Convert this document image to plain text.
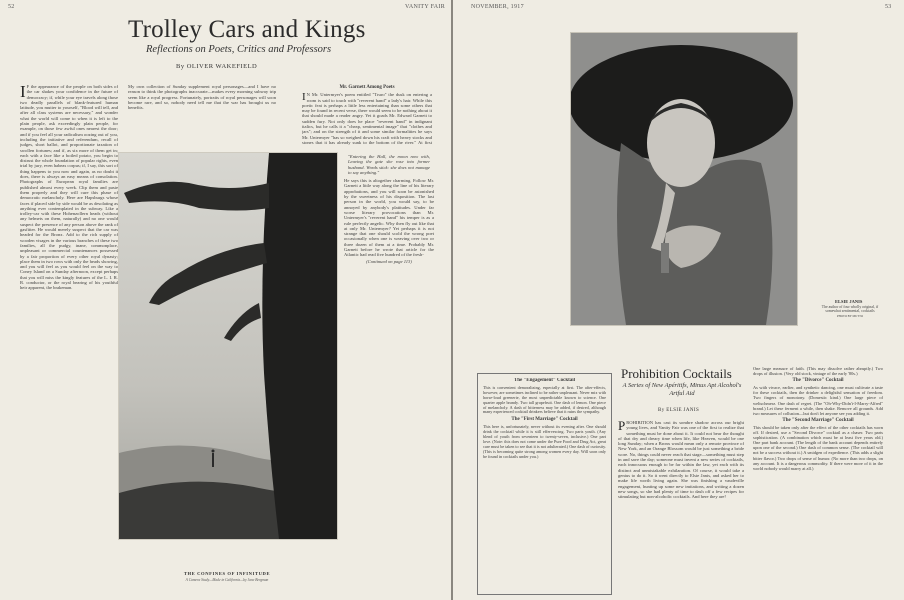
52	VANITY FAIR
Trolley Cars and Kings
Reflections on Poets, Critics and Professors
By OLIVER WAKEFIELD
I F the appearance of the people on both sides of the car shakes your confidence in the future of democracy; if, while your eye travels along those two deadly parallels of blank-featured human latitude, you mutter to yourself, "Blood will tell, and after all class systems are necessary," and wonder what the world will come to when it is left to the plain people, ask exceedingly plain people, for example, on those few awful ones nearest the door; and if you feel all your radicalism oozing out of you, including the initiative and referendum, recall of judges, short ballot, and proportionate taxation of swollen fortunes; and if, as six more of them get in; each with a face like a boiled potato, you begin to distrust the whole foundation of popular rights, even trial by jury, even habeas corpus; if, I say, this sort of thing happens to you now and again, as no doubt it does, there is always an easy means of consolation. Photographs of European royal families are published almost every week. Clip them and paste them properly and they will cure this phase of democratic melancholy. Here are Hapsburgs whose faces if placed side by side would be as desolating as anything ever contemplated in the subway. Like a trolley-car with these Hohenzollern heads (without any helmets on them, naturally) and no one would suspect the presence of any person above the rank of gasfitter. He would merely suspect that the car was headed for the Bronx. Add to the rich supply of wooden visages in the various branches of these two families, all the pudgy, inane, commonplace, unpleasant or commercial countenances possessed by a fair proportion of every other royal dynasty; place them in two rows with only the heads showing, and you will feel as you would feel on the way to Coney Island on a Sunday afternoon, except perhaps that you will miss the kingly features of the L. I. R. R. conductor, or the royal bearing of his youthful heir apparent, the brakeman.
My own collection of Sunday supplement royal personages—and I have no reason to think the photographs inaccurate—makes every morning subway trip seem like a royal progress. Fortunately, portraits of royal personages will soon become rare, and so, nobody need tell me that the war has brought us no benefits.
Mr. Garnett Among Poets
I N Mr. Untermyer's poem entitled "Truro" the dusk on entering a room is said to touch with "reverent hand" a lady's hair. While this poetic feat is perhaps a little less entertaining than some others that may be found in recent verse, there would seem to be nothing about it that should made a reader angry. Yet it goads Mr. Edward Garnett to sudden fury. Not only does he place "reverent hand" in indignant italics, but he calls it a "cheap, sentimental image" that "clothes and jars"; and on the strength of it and some similar formalities he says Mr. Untermyer "has so weighed down his craft with heavy stocks and stones that it has already sunk to the bottom of the river." At first
"Entering the Hall, the moon now with, Leaving the gate she rose into former husband. Words stick: she does not manage to say anything."
He says this is altogether charming. Follow Mr. Garnett a little way along the line of his literary approbations, and you will soon be astonished by the sweetness of his disposition. The last person in the world, you would say, to be annoyed by anybody's platitudes. Under far worse literary provocations than Mr. Untermyer's "reverent hand" his temper is as a rule perfectly angelic. Why then fly out like that at only Mr. Untermyer? Yet perhaps it is not strange that one should scold the wrong poet occasionally when one is weaving over two or three dozen of them at a time. Probably Mr. Garnett before he wrote that article for the Atlantic had read five hundred of the fresh-
(Continued on page 113)
THE CONFINES OF INFINITUDE
A Camera Study—Made in California—by Jane Bergman
NOVEMBER, 1917	53
ELSIE JANIS
The author of four wholly original, if somewhat sentimental, cocktails
PHOTO BY MUTTO
The "Engagement" Cocktail
This is convenient demoralizing, especially at first. The after-effects, however, are sometimes inclined to be rather unpleasant. Never mix with horse-loud greenerie, the most unpredictable known to science. One quarter apple brandy. Two tall grapefruit. One dash of lemon. One piece of melancholy. A dash of bitterness may be added, if desired, although many experienced cocktail drinkers believe that it ruins the sympathy.
The "First Marriage" Cocktail
This here is, unfortunately, never without its evening after. One should drink the cocktail while it is still effervescing. Two parts youth. (Any blend of youth from seventeen to twenty-seven, inclusive.) One part love. (Note: this does not come under the Pure Food and Drug Act, great care must be taken to see that it is not adulterated.) One dash of curiosity. (This is becoming quite strong among women every day. Will soon only be found in cocktails under you.)
Prohibition Cocktails
A Series of New Apéritifs, Minus Apt Alcohol's Artful Aid
By ELSIE JANIS
PROHIBITION has cast its sombre shadow across our bright young lives, and Vanity Fair was one of the first to realize that something must be done about it. It could not bear the thought of that dry and dreary time when life, like Heaven, would be one long Sunday; when a Bronx would mean only a remote province of New York, and an Orange Blossom would be just something a bride wore. No, things could never reach that stage—something must step in and save the day; someone must invent a new series of cocktails, each innocuous enough to be far within the law, yet each with its distinct and unmistakable exhilaration. Of course, it would take a genius to do it. So it went directly to Elsie Janis, and asked her to make life worth living again. She was finishing a vaudeville engagement, hunting up some new imitations, and writing a dozen new songs, so she had plenty of time to dash off a few recipes for stimulating but non-alcoholic cocktails. And here they are!
One large measure of faith. (This may dissolve rather abruptly.) Two drops of illusion. (Very old stock, vintage of the early '80s.)
The "Divorce" Cocktail
As with vivace, earlier, and synthetic dancing, one must cultivate a taste for these cocktails, then the drinker a delightful sensation of freedom. Two fingers of monotony. (Domestic kind.) One large piece of weltschmerz. One dash of regret. (The "Oh-Why-Didn't-I-Marry-Alfred" brand.) Let these ferment a while, then shake. Remove all grounds. Add two measures of collusion—but don't let anyone see you adding it.
The "Second Marriage" Cocktail
This should be taken only after the effect of the other cocktails has worn off. If desired, use a "Second Divorce" cocktail as a chaser. Two parts sophistication. (A combination which must be at least five years old.) One part bank account. (The length of the bank account depends entirely upon one of the second.) One dash of common sense. (The cocktail will not be a success without it.) A smidgen of expedience. (This adds a slight bitter flavor.) Two drops of sense of humor. (No more than two drops, on any account. It is a dangerous commodity. If there were more of it in the world nobody would marry at all.)
